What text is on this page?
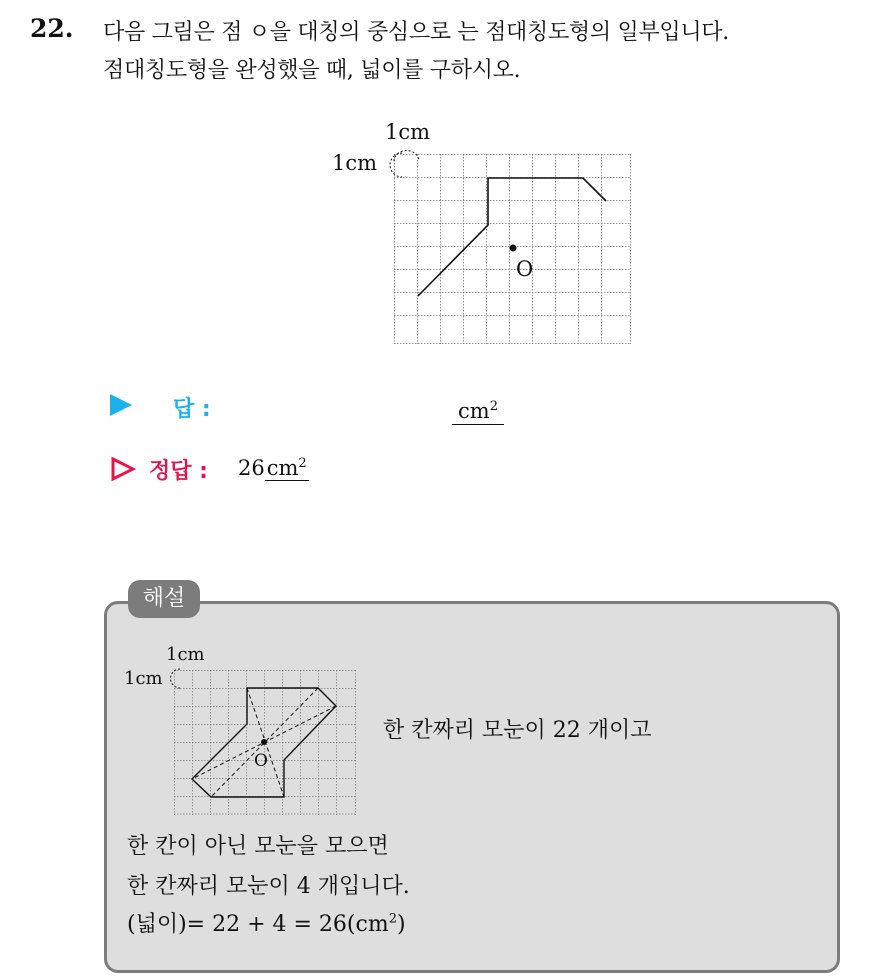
22. 다음 그림은 점 ㅇ을 대칭의 중심으로 는 점대칭도형의 일부입니다.
점대칭도형을 완성했을 때, 넓이를 구하시오.
1cm
1cm
O
답 :	$cm^2$
정답 : $26cm^2$
해설
1cm
1cm
O
한 칸짜리 모눈이 22 개이고
한 칸이 아닌 모눈을 모으면
한 칸짜리 모눈이 4 개입니다.
(넓이)= $22 + 4 = 26(cm^2)$
